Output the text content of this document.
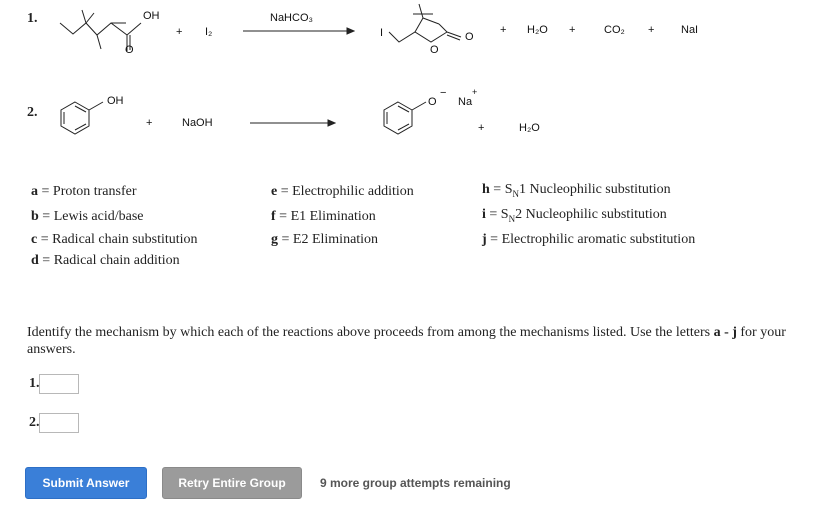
1.	OH
O
+ I₂
NaHCO₃
I
O
O
+ H₂O +	CO₂ + NaI
2.
OH
+	NaOH
O
−
Na
+
+	H₂O
a = Proton transfer
b = Lewis acid/base
c = Radical chain substitution
d = Radical chain addition
e = Electrophilic addition
f = E1 Elimination
g = E2 Elimination
$h = S_N1$ Nucleophilic substitution
$i = S_N2$ Nucleophilic substitution
j = Electrophilic aromatic substitution
Identify the mechanism by which each of the reactions above proceeds from among the mechanisms listed. Use the letters a - j for your answers.
1.
2.
Submit Answer	Retry Entire Group	9 more group attempts remaining
